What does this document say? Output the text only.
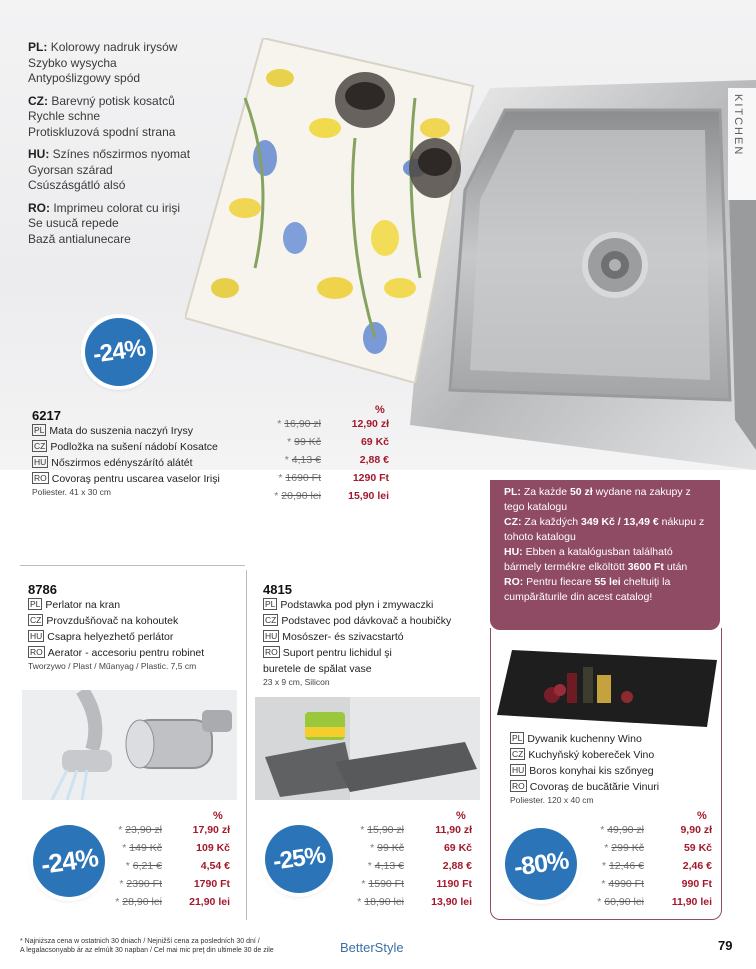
KITCHEN
PL: Kolorowy nadruk irysów
Szybko wysycha
Antypoślizgowy spód
CZ: Barevný potisk kosatců
Rychle schne
Protiskluzová spodní strana
HU: Színes nőszirmos nyomat
Gyorsan szárad
Csúszásgátló alsó
RO: Imprimeu colorat cu irişi
Se usucă repede
Bază antialunecare
-24%
6217
PL Mata do suszenia naczyń Irysy
CZ Podložka na sušení nádobí Kosatce
HU Nőszirmos edényszárító alátét
RO Covoraş pentru uscarea vaselor Irişi
Poliester. 41 x 30 cm
%
* 16,90 zł	12,90 zł
* 99 Kč	69 Kč
* 4,13 €	2,88 €
* 1690 Ft	1290 Ft
* 20,90 lei	15,90 lei	PL: Za każde 50 zł wydane na zakupy z tego katalogu
CZ: Za každých 349 Kč / 13,49 € nákupu z tohoto katalogu
HU: Ebben a katalógusban található bármely termékre elköltött 3600 Ft után
RO: Pentru fiecare 55 lei cheltuiţi la cumpărăturile din acest catalog!
8786
PL Perlator na kran
CZ Provzdušňovač na kohoutek
HU Csapra helyezhető perlátor
RO Aerator - accesoriu pentru robinet
Tworzywo / Plast / Műanyag / Plastic. 7,5 cm
-24%
%
* 23,90 zł	17,90 zł
* 149 Kč	109 Kč
* 6,21 €	4,54 €
* 2390 Ft	1790 Ft
* 28,90 lei	21,90 lei
4815
PL Podstawka pod płyn i zmywaczki
CZ Podstavec pod dávkovač a houbičky
HU Mosószer- és szivacstartó
RO Suport pentru lichidul şi
buretele de spălat vase
23 x 9 cm, Silicon
-25%
%
* 15,90 zł	11,90 zł
* 99 Kč	69 Kč
* 4,13 €	2,88 €
* 1590 Ft	1190 Ft
* 18,90 lei	13,90 lei
PL Dywanik kuchenny Wino
CZ Kuchyňský kobereček Vino
HU Boros konyhai kis szőnyeg
RO Covoraş de bucătărie Vinuri
Poliester. 120 x 40 cm
-80%
%
* 49,90 zł	9,90 zł
* 299 Kč	59 Kč
* 12,46 €	2,46 €
* 4990 Ft	990 Ft
* 60,90 lei	11,90 lei
* Najniższa cena w ostatnich 30 dniach / Nejnižší cena za posledních 30 dní /
A legalacsonyabb ár az elmúlt 30 napban / Cel mai mic preţ din ultimele 30 de zile	BetterStyle	79
